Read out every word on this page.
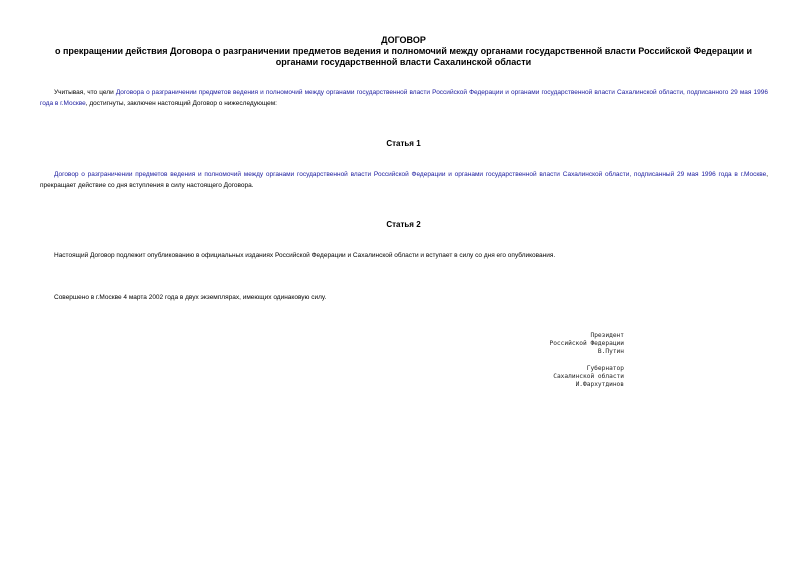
ДОГОВОР
о прекращении действия Договора о разграничении предметов ведения и полномочий между органами государственной власти Российской Федерации и органами государственной власти Сахалинской области
Учитывая, что цели Договора о разграничении предметов ведения и полномочий между органами государственной власти Российской Федерации и органами государственной власти Сахалинской области, подписанного 29 мая 1996 года в г.Москве, достигнуты, заключен настоящий Договор о нижеследующем:
Статья 1
Договор о разграничении предметов ведения и полномочий между органами государственной власти Российской Федерации и органами государственной власти Сахалинской области, подписанный 29 мая 1996 года в г.Москве, прекращает действие со дня вступления в силу настоящего Договора.
Статья 2
Настоящий Договор подлежит опубликованию в официальных изданиях Российской Федерации и Сахалинской области и вступает в силу со дня его опубликования.
Совершено в г.Москве 4 марта 2002 года в двух экземплярах, имеющих одинаковую силу.
Президент
Российской Федерации
В.Путин
Губернатор
Сахалинской области
И.Фархутдинов
